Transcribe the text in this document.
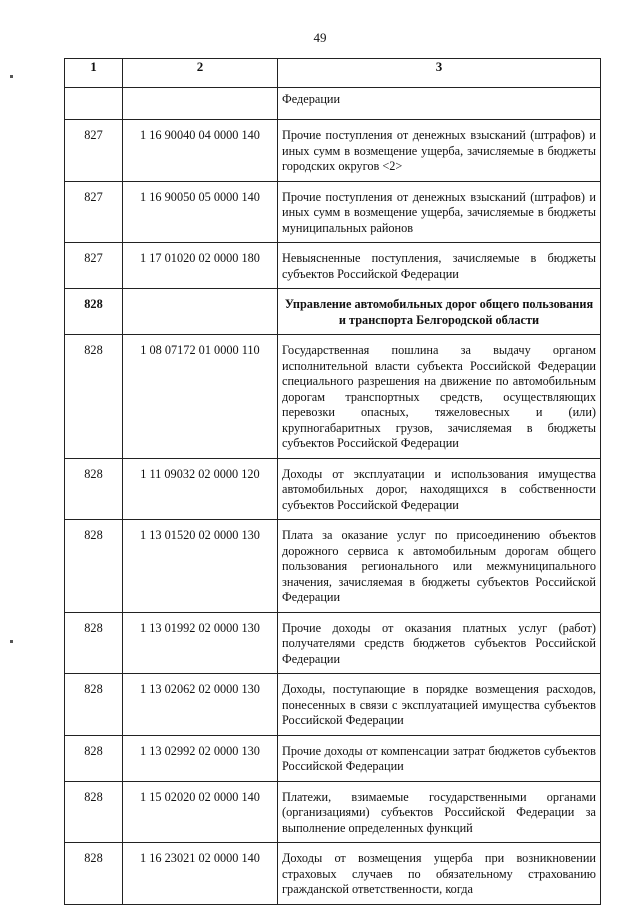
49
1	2	3
		Федерации
827	1 16 90040 04 0000 140	Прочие поступления от денежных взысканий (штрафов) и иных сумм в возмещение ущерба, зачисляемые в бюджеты городских округов <2>
827	1 16 90050 05 0000 140	Прочие поступления от денежных взысканий (штрафов) и иных сумм в возмещение ущерба, зачисляемые в бюджеты муниципальных районов
827	1 17 01020 02 0000 180	Невыясненные поступления, зачисляемые в бюджеты субъектов Российской Федерации
828		Управление автомобильных дорог общего пользования и транспорта Белгородской области
828	1 08 07172 01 0000 110	Государственная пошлина за выдачу органом исполнительной власти субъекта Российской Федерации специального разрешения на движение по автомобильным дорогам транспортных средств, осуществляющих перевозки опасных, тяжеловесных и (или) крупногабаритных грузов, зачисляемая в бюджеты субъектов Российской Федерации
828	1 11 09032 02 0000 120	Доходы от эксплуатации и использования имущества автомобильных дорог, находящихся в собственности субъектов Российской Федерации
828	1 13 01520 02 0000 130	Плата за оказание услуг по присоединению объектов дорожного сервиса к автомобильным дорогам общего пользования регионального или межмуниципального значения, зачисляемая в бюджеты субъектов Российской Федерации
828	1 13 01992 02 0000 130	Прочие доходы от оказания платных услуг (работ) получателями средств бюджетов субъектов Российской Федерации
828	1 13 02062 02 0000 130	Доходы, поступающие в порядке возмещения расходов, понесенных в связи с эксплуатацией имущества субъектов Российской Федерации
828	1 13 02992 02 0000 130	Прочие доходы от компенсации затрат бюджетов субъектов Российской Федерации
828	1 15 02020 02 0000 140	Платежи, взимаемые государственными органами (организациями) субъектов Российской Федерации за выполнение определенных функций
828	1 16 23021 02 0000 140	Доходы от возмещения ущерба при возникновении страховых случаев по обязательному страхованию гражданской ответственности, когда
